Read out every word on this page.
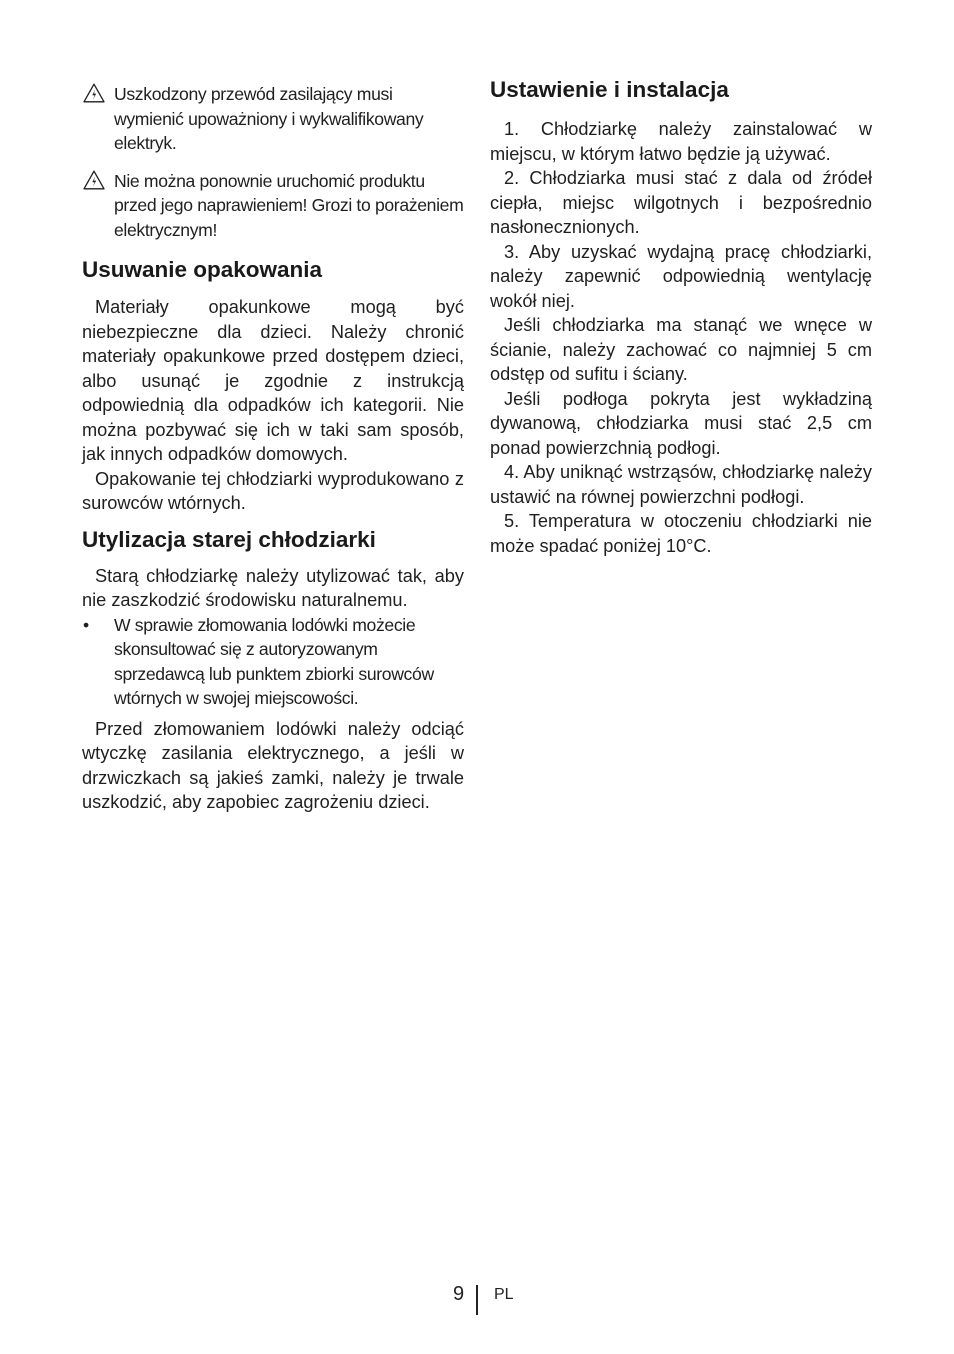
Uszkodzony przewód zasilający musi wymienić upoważniony i wykwalifikowany elektryk.
Nie można ponownie uruchomić produktu przed jego naprawieniem! Grozi to porażeniem elektrycznym!
Usuwanie opakowania

Materiały opakunkowe mogą być niebezpieczne dla dzieci. Należy chronić materiały opakunkowe przed dostępem dzieci, albo usunąć je zgodnie z instrukcją odpowiednią dla odpadków ich kategorii. Nie można pozbywać się ich w taki sam sposób, jak innych odpadków domowych.

Opakowanie tej chłodziarki wyprodukowano z surowców wtórnych.

Utylizacja starej chłodziarki

Starą chłodziarkę należy utylizować tak, aby nie zaszkodzić środowisku naturalnemu.

• W sprawie złomowania lodówki możecie skonsultować się z autoryzowanym sprzedawcą lub punktem zbiorki surowców wtórnych w swojej miejscowości.

Przed złomowaniem lodówki należy odciąć wtyczkę zasilania elektrycznego, a jeśli w drzwiczkach są jakieś zamki, należy je trwale uszkodzić, aby zapobiec zagrożeniu dzieci.

Ustawienie i instalacja

1. Chłodziarkę należy zainstalować w miejscu, w którym łatwo będzie ją używać.

2. Chłodziarka musi stać z dala od źródeł ciepła, miejsc wilgotnych i bezpośrednio nasłonecznionych.

3. Aby uzyskać wydajną pracę chłodziarki, należy zapewnić odpowiednią wentylację wokół niej.

Jeśli chłodziarka ma stanąć we wnęce w ścianie, należy zachować co najmniej 5 cm odstęp od sufitu i ściany.

Jeśli podłoga pokryta jest wykładziną dywanową, chłodziarka musi stać 2,5 cm ponad powierzchnią podłogi.

4. Aby uniknąć wstrząsów, chłodziarkę należy ustawić na równej powierzchni podłogi.

5. Temperatura w otoczeniu chłodziarki nie może spadać poniżej 10°C.

9 PL
